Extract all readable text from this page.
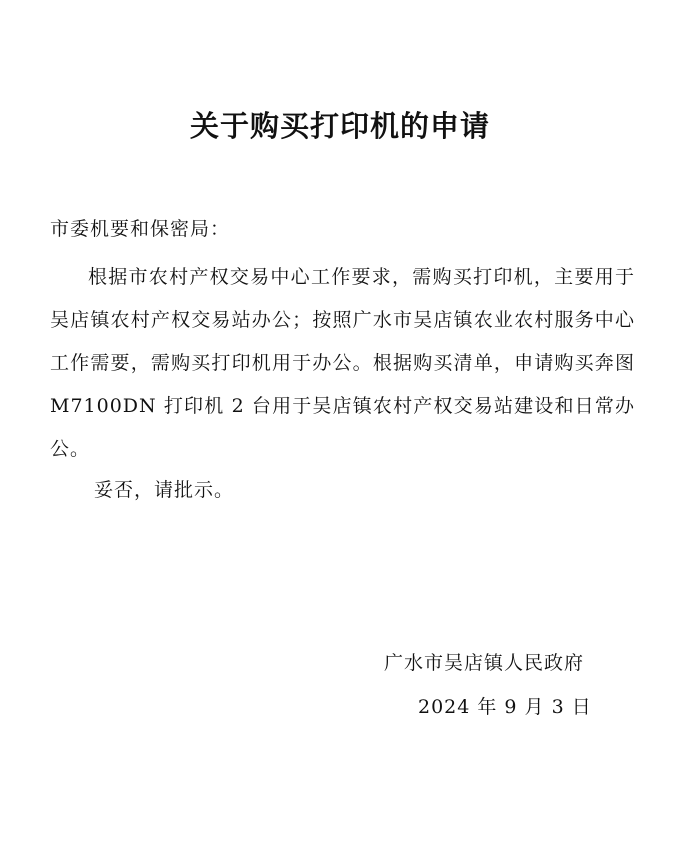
关于购买打印机的申请
市委机要和保密局：

根据市农村产权交易中心工作要求，需购买打印机，主要用于吴店镇农村产权交易站办公；按照广水市吴店镇农业农村服务中心工作需要，需购买打印机用于办公。根据购买清单，申请购买奔图 M7100DN 打印机 2 台用于吴店镇农村产权交易站建设和日常办公。

妥否，请批示。
广水市吴店镇人民政府
2024 年 9 月 3 日
